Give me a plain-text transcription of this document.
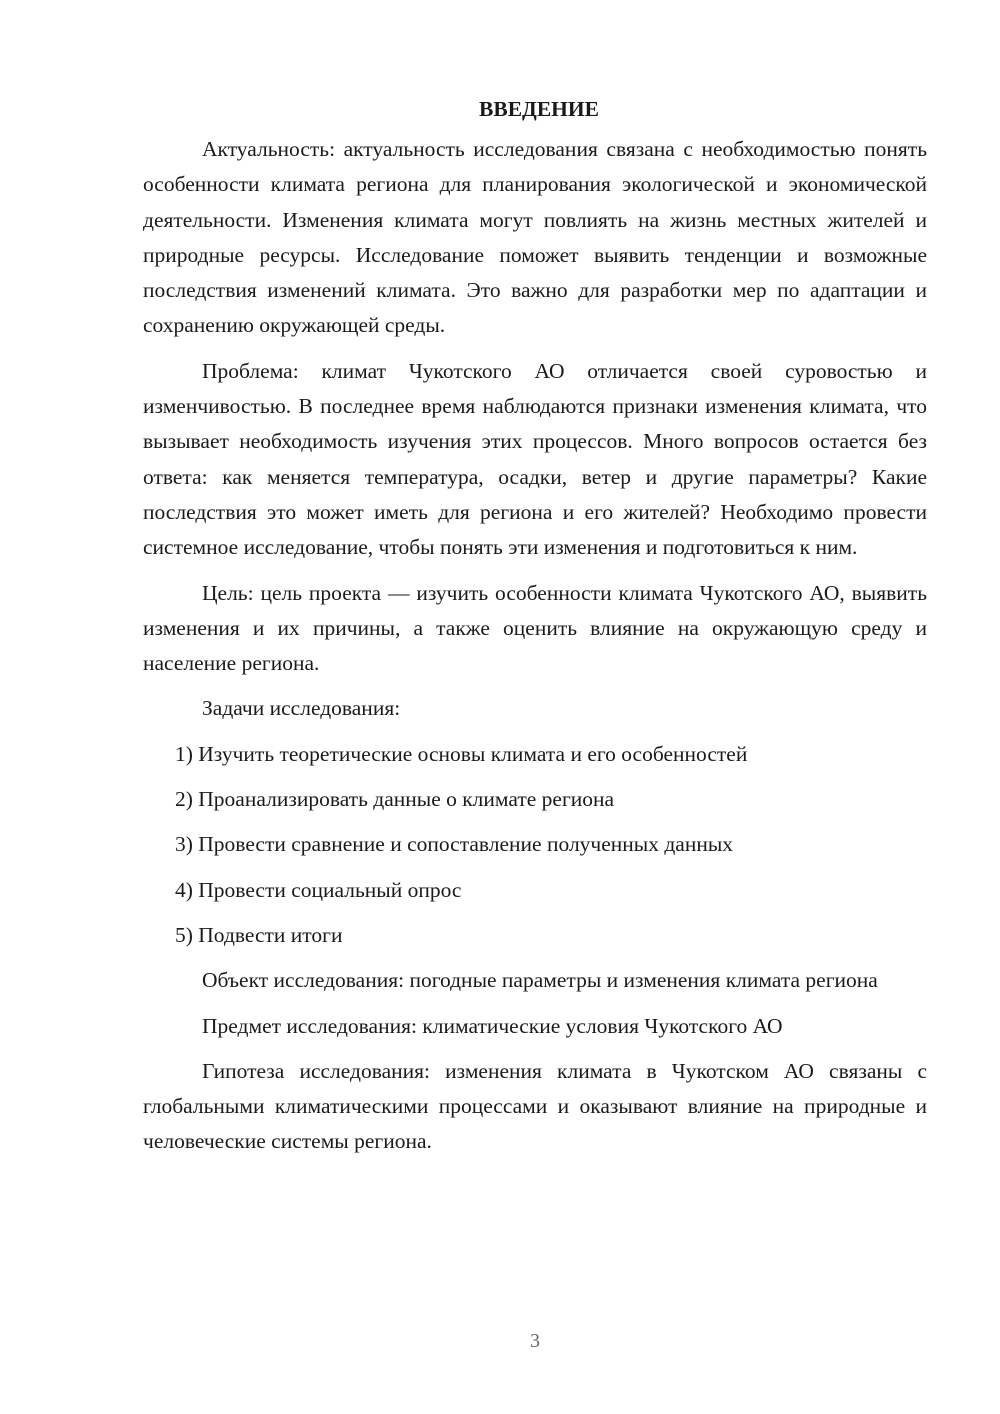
ВВЕДЕНИЕ

Актуальность: актуальность исследования связана с необходимостью понять особенности климата региона для планирования экологической и экономической деятельности. Изменения климата могут повлиять на жизнь местных жителей и природные ресурсы. Исследование поможет выявить тенденции и возможные последствия изменений климата. Это важно для разработки мер по адаптации и сохранению окружающей среды.

Проблема: климат Чукотского АО отличается своей суровостью и изменчивостью. В последнее время наблюдаются признаки изменения климата, что вызывает необходимость изучения этих процессов. Много вопросов остается без ответа: как меняется температура, осадки, ветер и другие параметры? Какие последствия это может иметь для региона и его жителей? Необходимо провести системное исследование, чтобы понять эти изменения и подготовиться к ним.

Цель: цель проекта — изучить особенности климата Чукотского АО, выявить изменения и их причины, а также оценить влияние на окружающую среду и население региона.

Задачи исследования:

1) Изучить теоретические основы климата и его особенностей
2) Проанализировать данные о климате региона
3) Провести сравнение и сопоставление полученных данных
4) Провести социальный опрос
5) Подвести итоги

Объект исследования: погодные параметры и изменения климата региона

Предмет исследования: климатические условия Чукотского АО

Гипотеза исследования: изменения климата в Чукотском АО связаны с глобальными климатическими процессами и оказывают влияние на природные и человеческие системы региона.

3
